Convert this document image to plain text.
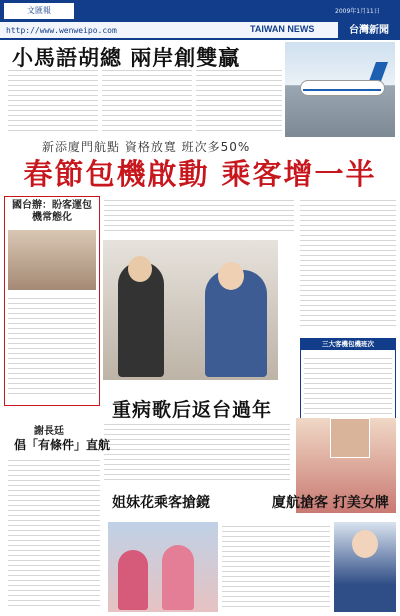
文匯報	2009年1月11日
http://www.wenweipo.com	TAIWAN NEWS	台灣新聞
小馬語胡總 兩岸創雙贏
新添廈門航點 資格放寬 班次多50%
春節包機啟動 乘客增一半
國台辦：盼客運包機常態化
三大客機包機班次
重病歌后返台過年
謝長廷
倡「有條件」直航
姐妹花乘客搶鏡	廈航搶客 打美女牌
